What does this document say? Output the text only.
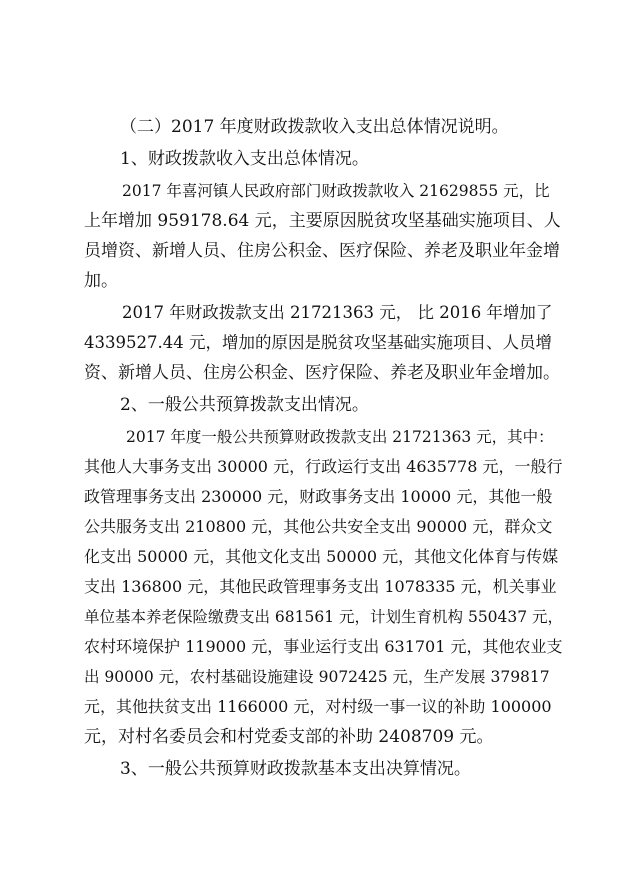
（二）2017 年度财政拨款收入支出总体情况说明。
1、财政拨款收入支出总体情况。
2017 年喜河镇人民政府部门财政拨款收入 21629855 元，比
上年增加 959178.64 元，主要原因脱贫攻坚基础实施项目、人
员增资、新增人员、住房公积金、医疗保险、养老及职业年金增
加。
2017 年财政拨款支出 21721363 元， 比 2016 年增加了
4339527.44 元，增加的原因是脱贫攻坚基础实施项目、人员增
资、新增人员、住房公积金、医疗保险、养老及职业年金增加。
2、一般公共预算拨款支出情况。
2017 年度一般公共预算财政拨款支出 21721363 元，其中：
其他人大事务支出 30000 元，行政运行支出 4635778 元，一般行
政管理事务支出 230000 元，财政事务支出 10000 元，其他一般
公共服务支出 210800 元，其他公共安全支出 90000 元，群众文
化支出 50000 元，其他文化支出 50000 元，其他文化体育与传媒
支出 136800 元，其他民政管理事务支出 1078335 元，机关事业
单位基本养老保险缴费支出 681561 元，计划生育机构 550437 元，
农村环境保护 119000 元，事业运行支出 631701 元，其他农业支
出 90000 元，农村基础设施建设 9072425 元，生产发展 379817
元，其他扶贫支出 1166000 元，对村级一事一议的补助 100000
元，对村名委员会和村党委支部的补助 2408709 元。
3、一般公共预算财政拨款基本支出决算情况。
